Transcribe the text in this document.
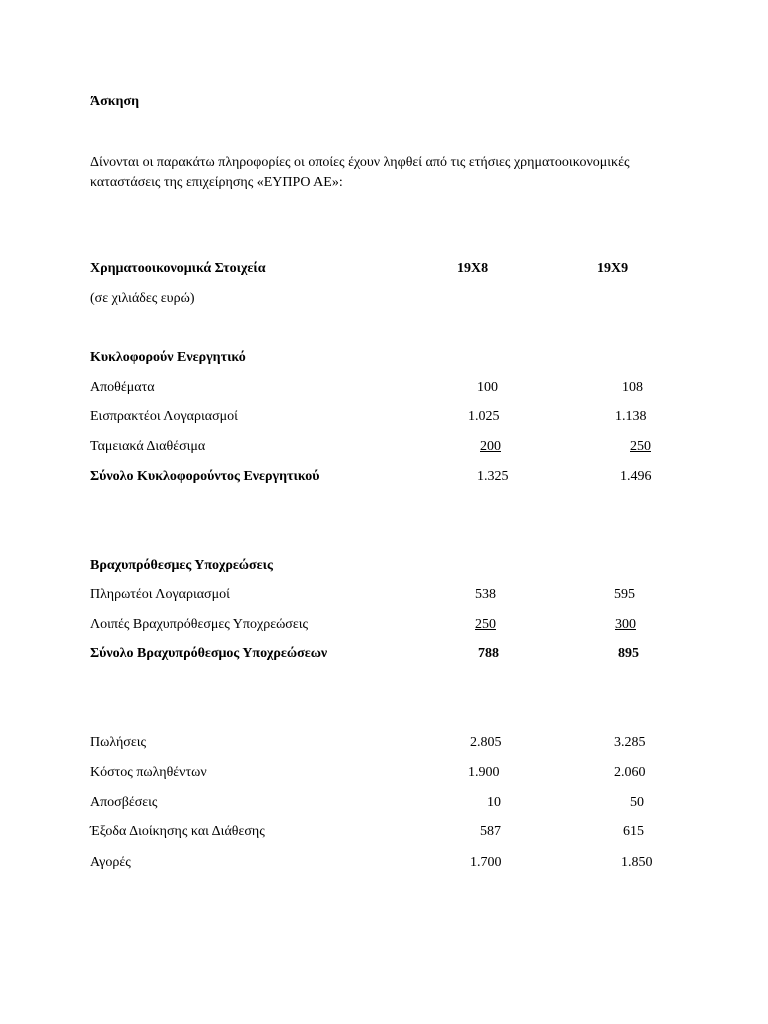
Άσκηση
Δίνονται οι παρακάτω πληροφορίες οι οποίες έχουν ληφθεί από τις ετήσιες χρηματοοικονομικές καταστάσεις της επιχείρησης «ΕΥΠΡΟ ΑΕ»:
Χρηματοοικονομικά Στοιχεία	19Χ8	19Χ9
(σε χιλιάδες ευρώ)
Κυκλοφορούν Ενεργητικό
Αποθέματα	100	108
Εισπρακτέοι Λογαριασμοί	1.025	1.138
Ταμειακά Διαθέσιμα	200	250
Σύνολο Κυκλοφορούντος Ενεργητικού	1.325	1.496
Βραχυπρόθεσμες Υποχρεώσεις
Πληρωτέοι Λογαριασμοί	538	595
Λοιπές Βραχυπρόθεσμες Υποχρεώσεις	250	300
Σύνολο Βραχυπρόθεσμος Υποχρεώσεων	788	895
Πωλήσεις	2.805	3.285
Κόστος πωληθέντων	1.900	2.060
Αποσβέσεις	10	50
Έξοδα Διοίκησης και Διάθεσης	587	615
Αγορές	1.700	1.850
